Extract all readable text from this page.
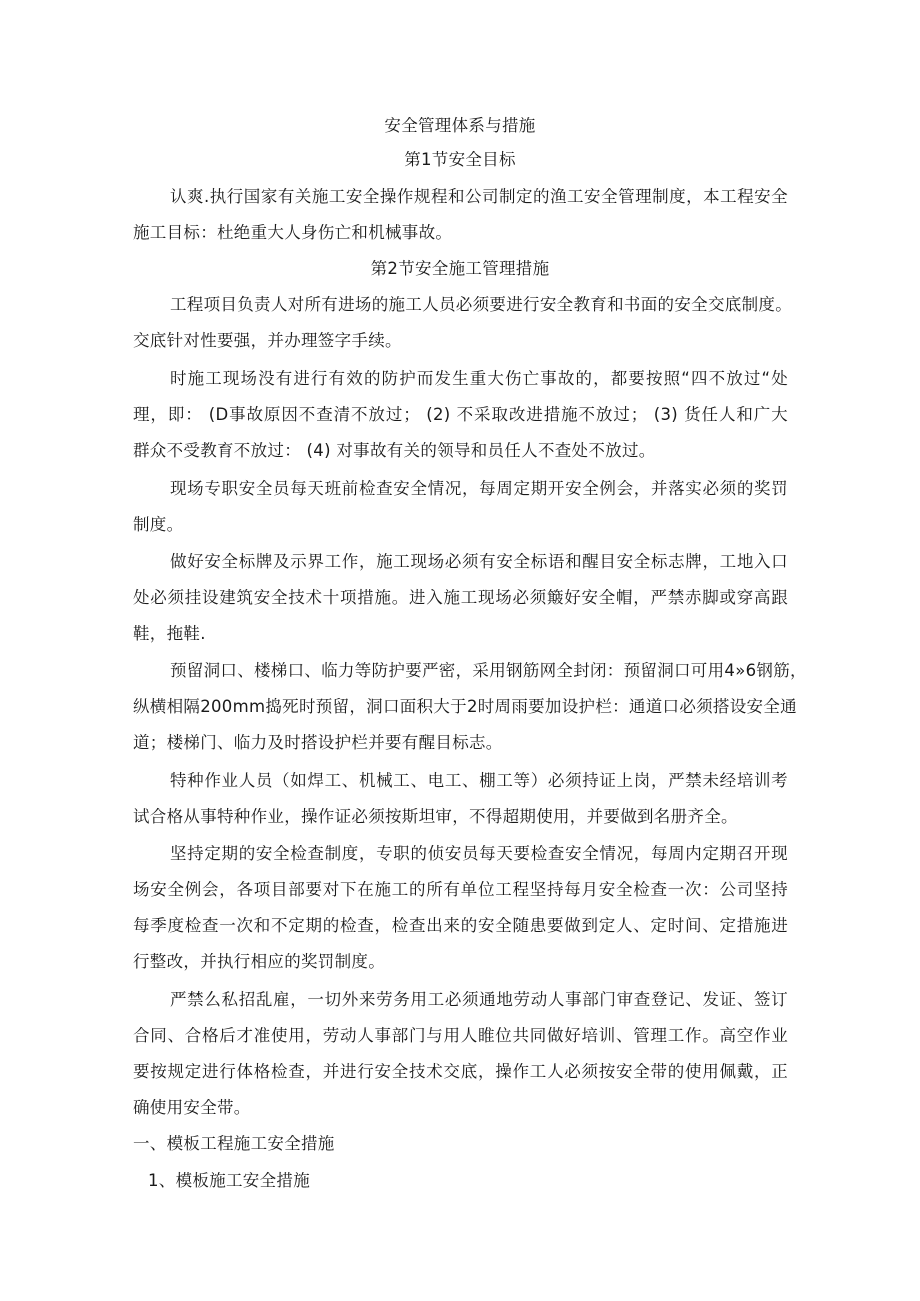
安全管理体系与措施
第1节安全目标
认爽.执行国家有关施工安全操作规程和公司制定的渔工安全管理制度，本工程安全
施工目标：杜绝重大人身伤亡和机械事故。
第2节安全施工管理措施
工程项目负责人对所有进场的施工人员必须要进行安全教育和书面的安全交底制度。
交底针对性要强，并办理签字手续。
时施工现场没有进行有效的防护而发生重大伤亡事故的，都要按照“四不放过“处
理，即： (D事故原因不查清不放过； (2) 不采取改进措施不放过； (3) 货任人和广大
群众不受教育不放过： (4) 对事故有关的领导和员任人不查处不放过。
现场专职安全员每天班前检查安全情况，每周定期开安全例会，并落实必须的奖罚
制度。
做好安全标牌及示界工作，施工现场必须有安全标语和醒目安全标志牌，工地入口
处必须挂设建筑安全技术十项措施。进入施工现场必须簸好安全帽，严禁赤脚或穿高跟
鞋，拖鞋.
预留洞口、楼梯口、临力等防护要严密，采用钢筋网全封闭：预留洞口可用4»6钢筋，
纵横相隔200mm捣死时预留，洞口面积大于2时周雨要加设护栏：通道口必须搭设安全通
道；楼梯门、临力及时搭设护栏并要有醒目标志。
特种作业人员（如焊工、机械工、电工、棚工等）必须持证上岗，严禁未经培训考
试合格从事特种作业，操作证必须按斯坦审，不得超期使用，并要做到名册齐全。
坚持定期的安全检查制度，专职的侦安员每天要检查安全情况，每周内定期召开现
场安全例会，各项目部要对下在施工的所有单位工程坚持每月安全检查一次：公司坚持
每季度检查一次和不定期的检查，检查出来的安全随患要做到定人、定时间、定措施进
行整改，并执行相应的奖罚制度。
严禁么私招乱雇，一切外来劳务用工必须通地劳动人事部门审查登记、发证、签订
合同、合格后才准使用，劳动人事部门与用人睢位共同做好培训、管理工作。高空作业
要按规定进行体格检查，并进行安全技术交底，操作工人必须按安全带的使用佩戴，正
确使用安全带。
一、模板工程施工安全措施
1、模板施工安全措施
